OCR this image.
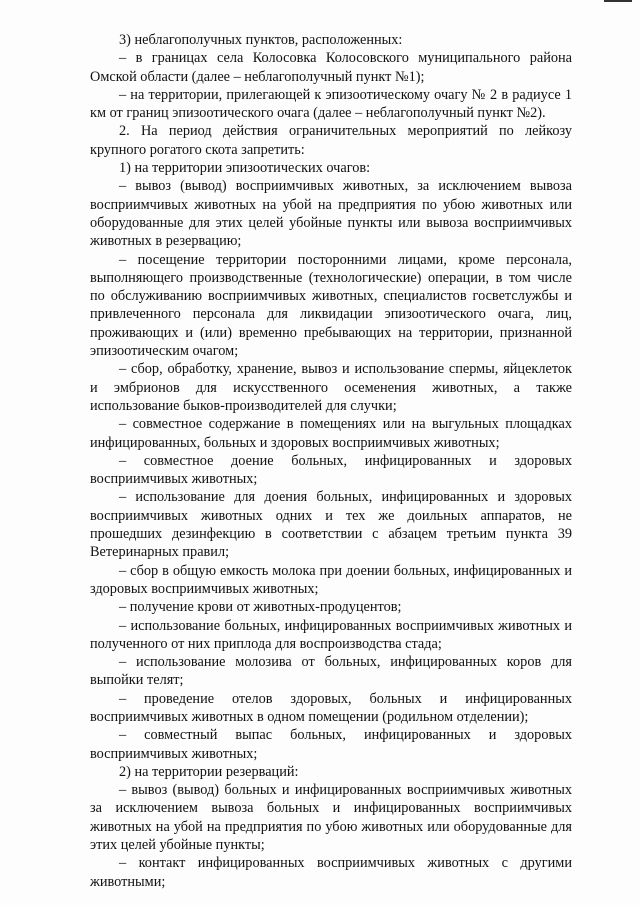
3) неблагополучных пунктов, расположенных:

– в границах села Колосовка Колосовского муниципального района Омской области (далее – неблагополучный пункт №1);

– на территории, прилегающей к эпизоотическому очагу № 2 в радиусе 1 км от границ эпизоотического очага (далее – неблагополучный пункт №2).

2. На период действия ограничительных мероприятий по лейкозу крупного рогатого скота запретить:

1) на территории эпизоотических очагов:

– вывоз (вывод) восприимчивых животных, за исключением вывоза восприимчивых животных на убой на предприятия по убою животных или оборудованные для этих целей убойные пункты или вывоза восприимчивых животных в резервацию;

– посещение территории посторонними лицами, кроме персонала, выполняющего производственные (технологические) операции, в том числе по обслуживанию восприимчивых животных, специалистов госветслужбы и привлеченного персонала для ликвидации эпизоотического очага, лиц, проживающих и (или) временно пребывающих на территории, признанной эпизоотическим очагом;

– сбор, обработку, хранение, вывоз и использование спермы, яйцеклеток и эмбрионов для искусственного осеменения животных, а также использование быков-производителей для случки;

– совместное содержание в помещениях или на выгульных площадках инфицированных, больных и здоровых восприимчивых животных;

– совместное доение больных, инфицированных и здоровых восприимчивых животных;

– использование для доения больных, инфицированных и здоровых восприимчивых животных одних и тех же доильных аппаратов, не прошедших дезинфекцию в соответствии с абзацем третьим пункта 39 Ветеринарных правил;

– сбор в общую емкость молока при доении больных, инфицированных и здоровых восприимчивых животных;

– получение крови от животных-продуцентов;

– использование больных, инфицированных восприимчивых животных и полученного от них приплода для воспроизводства стада;

– использование молозива от больных, инфицированных коров для выпойки телят;

– проведение отелов здоровых, больных и инфицированных восприимчивых животных в одном помещении (родильном отделении);

– совместный выпас больных, инфицированных и здоровых восприимчивых животных;

2) на территории резерваций:

– вывоз (вывод) больных и инфицированных восприимчивых животных за исключением вывоза больных и инфицированных восприимчивых животных на убой на предприятия по убою животных или оборудованные для этих целей убойные пункты;

– контакт инфицированных восприимчивых животных с другими животными;
